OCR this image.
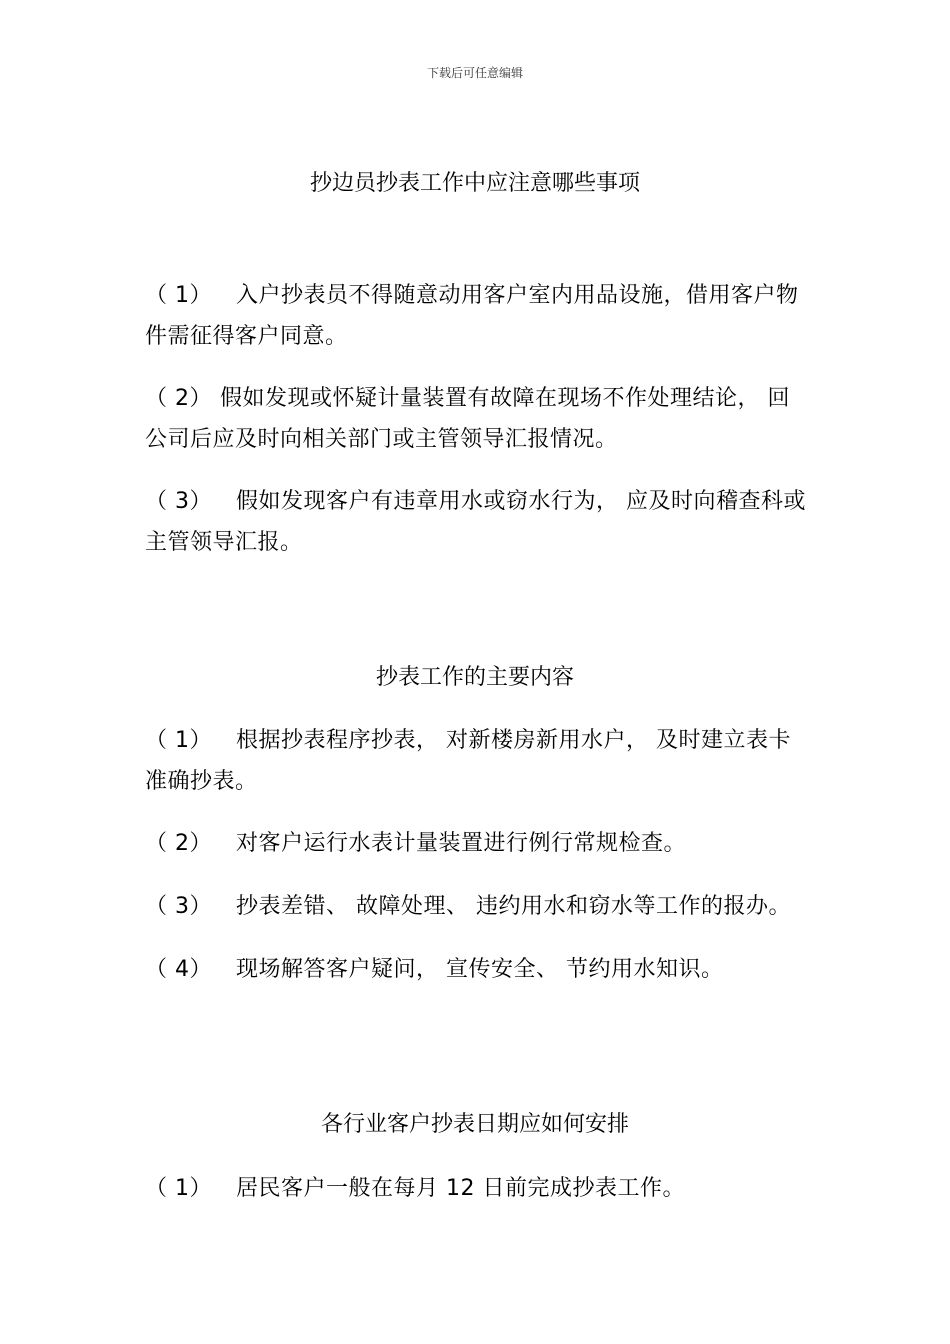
下载后可任意编辑
抄边员抄表工作中应注意哪些事项
（ 1） 入户抄表员不得随意动用客户室内用品设施，借用客户物件需征得客户同意。
（ 2） 假如发现或怀疑计量装置有故障在现场不作处理结论， 回公司后应及时向相关部门或主管领导汇报情况。
（ 3） 假如发现客户有违章用水或窃水行为， 应及时向稽查科或主管领导汇报。
抄表工作的主要内容
（ 1） 根据抄表程序抄表， 对新楼房新用水户， 及时建立表卡准确抄表。
（ 2） 对客户运行水表计量装置进行例行常规检查。
（ 3） 抄表差错、 故障处理、 违约用水和窃水等工作的报办。
（ 4） 现场解答客户疑问， 宣传安全、 节约用水知识。
各行业客户抄表日期应如何安排
（ 1） 居民客户一般在每月 12 日前完成抄表工作。
